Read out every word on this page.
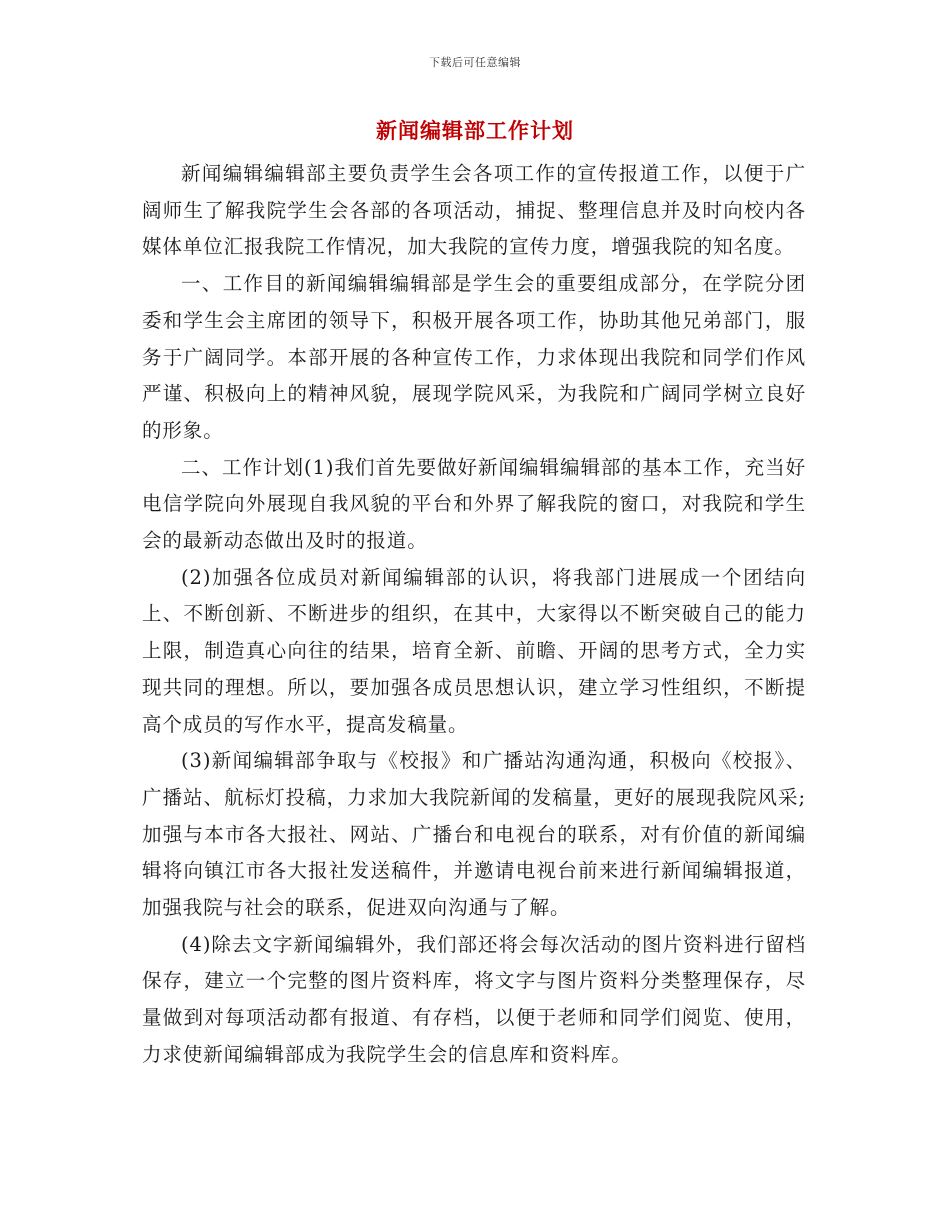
下载后可任意编辑
新闻编辑部工作计划

新闻编辑编辑部主要负责学生会各项工作的宣传报道工作，以便于广阔师生了解我院学生会各部的各项活动，捕捉、整理信息并及时向校内各媒体单位汇报我院工作情况，加大我院的宣传力度，增强我院的知名度。

一、工作目的新闻编辑编辑部是学生会的重要组成部分，在学院分团委和学生会主席团的领导下，积极开展各项工作，协助其他兄弟部门，服务于广阔同学。本部开展的各种宣传工作，力求体现出我院和同学们作风严谨、积极向上的精神风貌，展现学院风采，为我院和广阔同学树立良好的形象。

二、工作计划(1)我们首先要做好新闻编辑编辑部的基本工作，充当好电信学院向外展现自我风貌的平台和外界了解我院的窗口，对我院和学生会的最新动态做出及时的报道。

(2)加强各位成员对新闻编辑部的认识，将我部门进展成一个团结向上、不断创新、不断进步的组织，在其中，大家得以不断突破自己的能力上限，制造真心向往的结果，培育全新、前瞻、开阔的思考方式，全力实现共同的理想。所以，要加强各成员思想认识，建立学习性组织，不断提高个成员的写作水平，提高发稿量。

(3)新闻编辑部争取与《校报》和广播站沟通沟通，积极向《校报》、广播站、航标灯投稿，力求加大我院新闻的发稿量，更好的展现我院风采;加强与本市各大报社、网站、广播台和电视台的联系，对有价值的新闻编辑将向镇江市各大报社发送稿件，并邀请电视台前来进行新闻编辑报道，加强我院与社会的联系，促进双向沟通与了解。

(4)除去文字新闻编辑外，我们部还将会每次活动的图片资料进行留档保存，建立一个完整的图片资料库，将文字与图片资料分类整理保存，尽量做到对每项活动都有报道、有存档，以便于老师和同学们阅览、使用，力求使新闻编辑部成为我院学生会的信息库和资料库。
